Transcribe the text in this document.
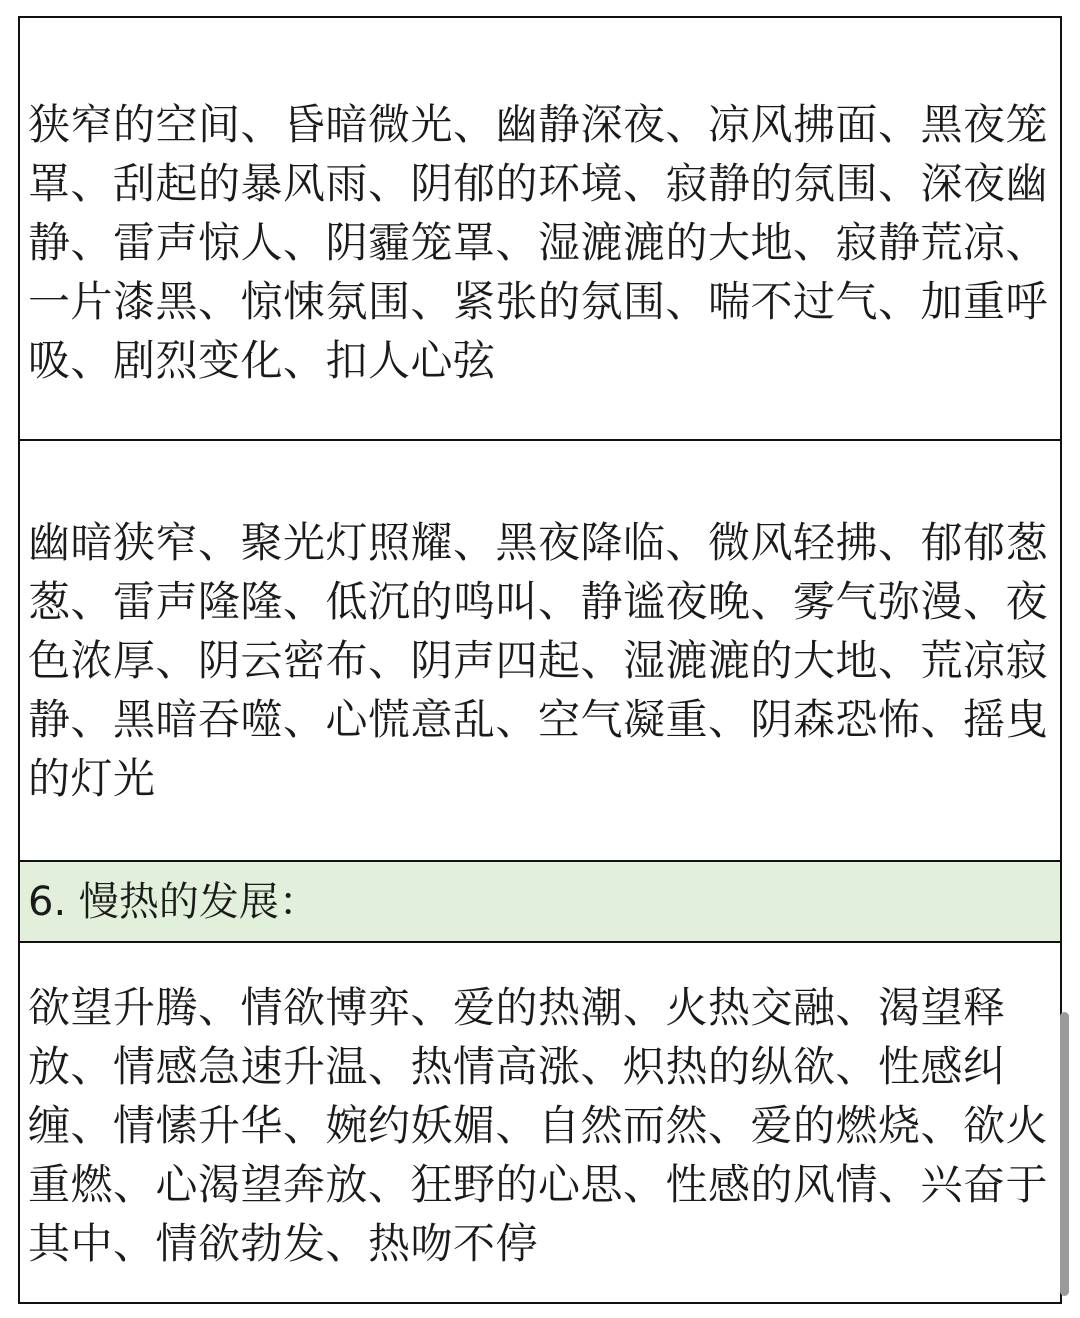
狭窄的空间、昏暗微光、幽静深夜、凉风拂面、黑夜笼罩、刮起的暴风雨、阴郁的环境、寂静的氛围、深夜幽静、雷声惊人、阴霾笼罩、湿漉漉的大地、寂静荒凉、一片漆黑、惊悚氛围、紧张的氛围、喘不过气、加重呼吸、剧烈变化、扣人心弦
幽暗狭窄、聚光灯照耀、黑夜降临、微风轻拂、郁郁葱葱、雷声隆隆、低沉的鸣叫、静谧夜晚、雾气弥漫、夜色浓厚、阴云密布、阴声四起、湿漉漉的大地、荒凉寂静、黑暗吞噬、心慌意乱、空气凝重、阴森恐怖、摇曳的灯光
6. 慢热的发展：
欲望升腾、情欲博弈、爱的热潮、火热交融、渴望释放、情感急速升温、热情高涨、炽热的纵欲、性感纠缠、情愫升华、婉约妖媚、自然而然、爱的燃烧、欲火重燃、心渴望奔放、狂野的心思、性感的风情、兴奋于其中、情欲勃发、热吻不停
